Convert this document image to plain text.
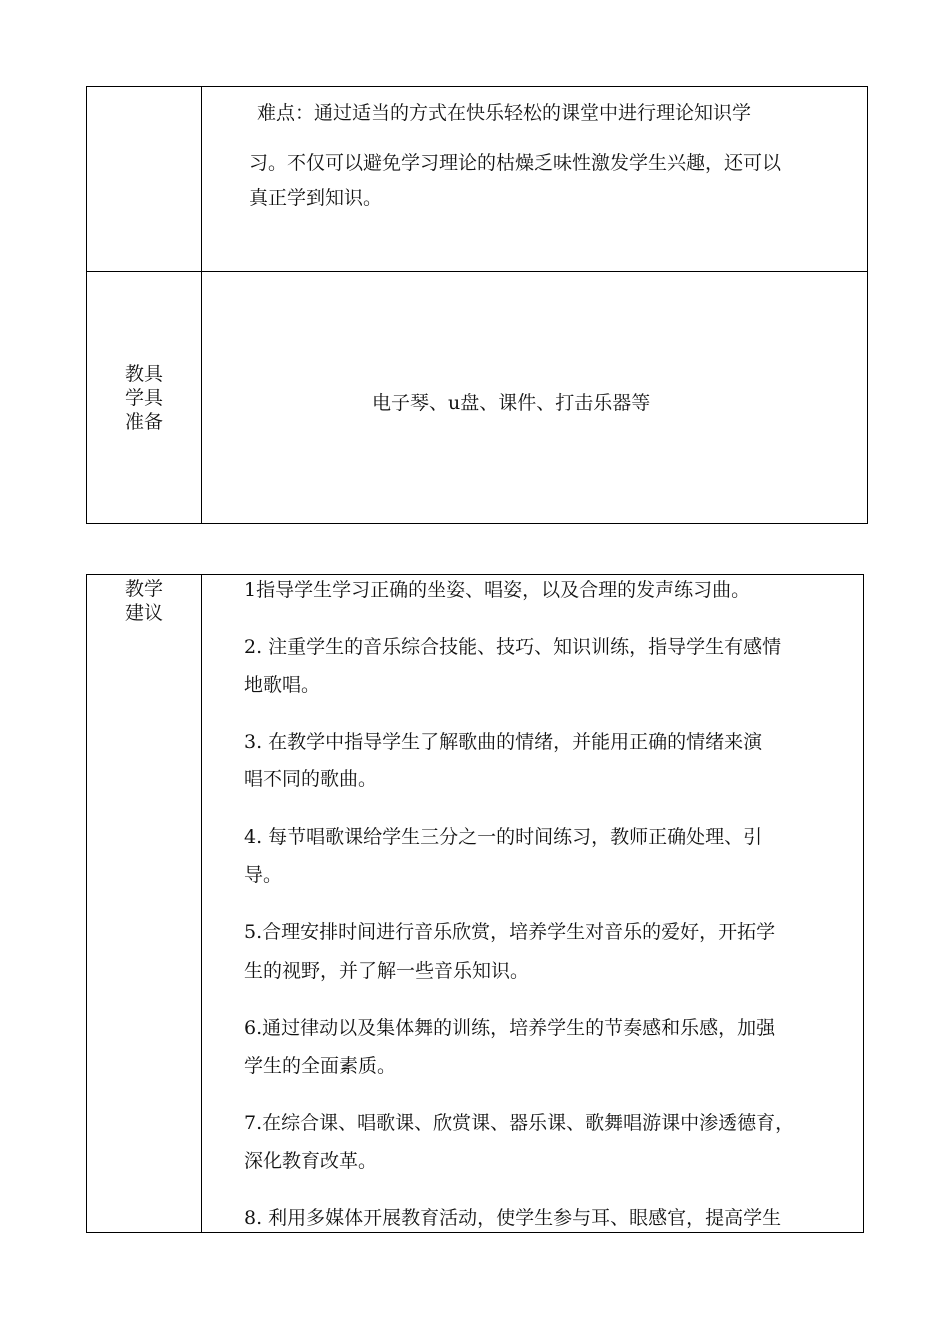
难点：通过适当的方式在快乐轻松的课堂中进行理论知识学
习。不仅可以避免学习理论的枯燥乏味性激发学生兴趣，还可以
真正学到知识。
教具
学具
准备
电子琴、u盘、课件、打击乐器等
教学
建议
1指导学生学习正确的坐姿、唱姿，以及合理的发声练习曲。
2. 注重学生的音乐综合技能、技巧、知识训练，指导学生有感情
地歌唱。
3. 在教学中指导学生了解歌曲的情绪，并能用正确的情绪来演
唱不同的歌曲。
4. 每节唱歌课给学生三分之一的时间练习，教师正确处理、引
导。
5.合理安排时间进行音乐欣赏，培养学生对音乐的爱好，开拓学
生的视野，并了解一些音乐知识。
6.通过律动以及集体舞的训练，培养学生的节奏感和乐感，加强
学生的全面素质。
7.在综合课、唱歌课、欣赏课、器乐课、歌舞唱游课中渗透德育，
深化教育改革。
8. 利用多媒体开展教育活动，使学生参与耳、眼感官，提高学生
